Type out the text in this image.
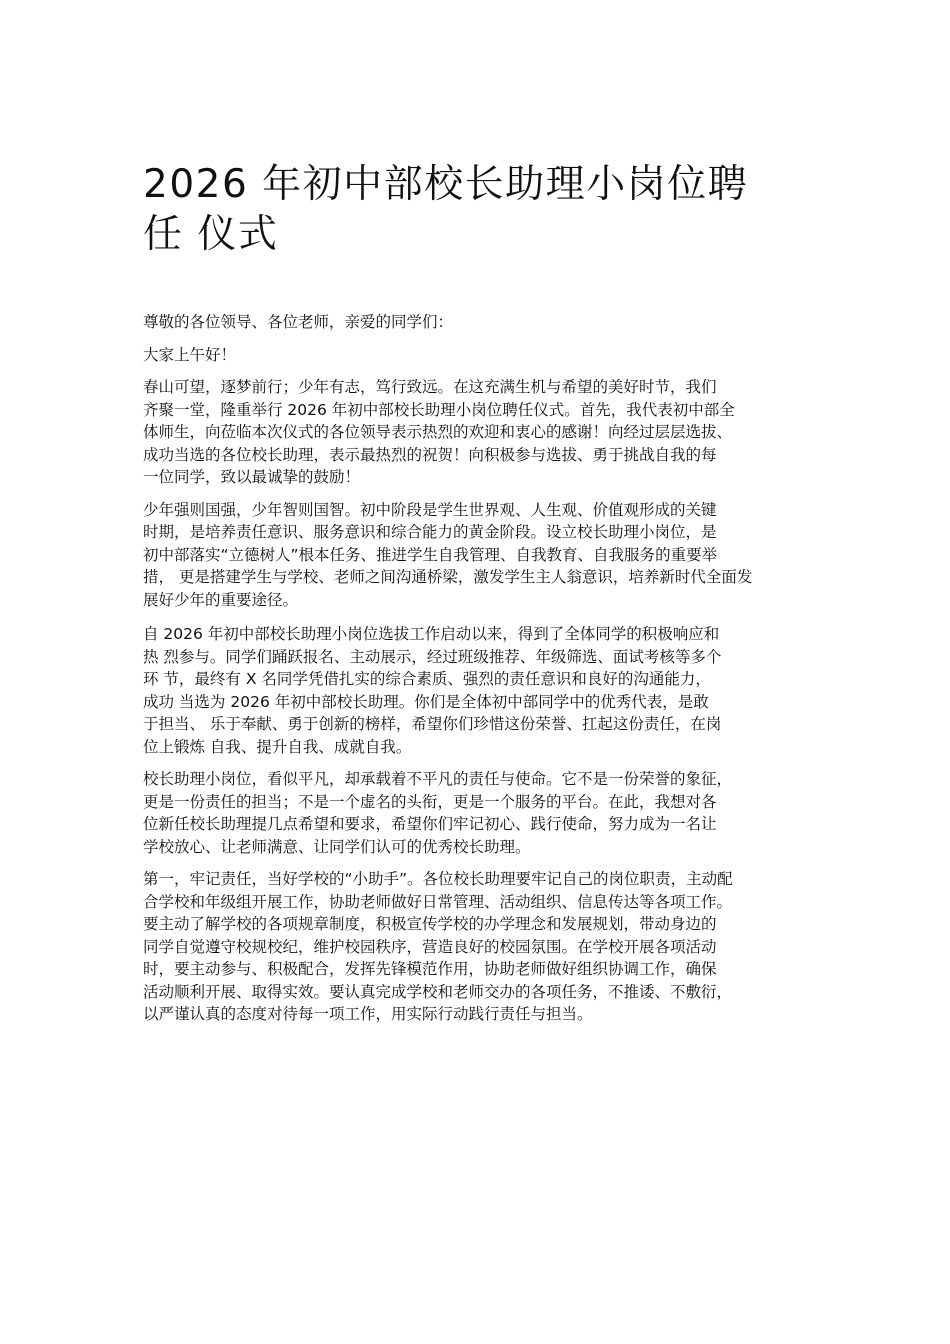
2026 年初中部校长助理小岗位聘
任 仪式

尊敬的各位领导、各位老师，亲爱的同学们：

大家上午好！

春山可望，逐梦前行；少年有志，笃行致远。在这充满生机与希望的美好时节，我们
齐聚一堂，隆重举行 2026 年初中部校长助理小岗位聘任仪式。首先，我代表初中部全
体师生，向莅临本次仪式的各位领导表示热烈的欢迎和衷心的感谢！向经过层层选拔、
成功当选的各位校长助理，表示最热烈的祝贺！向积极参与选拔、勇于挑战自我的每
一位同学，致以最诚挚的鼓励！

少年强则国强，少年智则国智。初中阶段是学生世界观、人生观、价值观形成的关键
时期，是培养责任意识、服务意识和综合能力的黄金阶段。设立校长助理小岗位，是
初中部落实“立德树人”根本任务、推进学生自我管理、自我教育、自我服务的重要举
措， 更是搭建学生与学校、老师之间沟通桥梁，激发学生主人翁意识，培养新时代全面发
展好少年的重要途径。

自 2026 年初中部校长助理小岗位选拔工作启动以来，得到了全体同学的积极响应和
热 烈参与。同学们踊跃报名、主动展示，经过班级推荐、年级筛选、面试考核等多个
环 节，最终有 X 名同学凭借扎实的综合素质、强烈的责任意识和良好的沟通能力，
成功 当选为 2026 年初中部校长助理。你们是全体初中部同学中的优秀代表，是敢
于担当、 乐于奉献、勇于创新的榜样，希望你们珍惜这份荣誉、扛起这份责任，在岗
位上锻炼 自我、提升自我、成就自我。

校长助理小岗位，看似平凡，却承载着不平凡的责任与使命。它不是一份荣誉的象征，
更是一份责任的担当；不是一个虚名的头衔，更是一个服务的平台。在此，我想对各
位新任校长助理提几点希望和要求，希望你们牢记初心、践行使命，努力成为一名让
学校放心、让老师满意、让同学们认可的优秀校长助理。

第一，牢记责任，当好学校的“小助手”。各位校长助理要牢记自己的岗位职责，主动配
合学校和年级组开展工作，协助老师做好日常管理、活动组织、信息传达等各项工作。
要主动了解学校的各项规章制度，积极宣传学校的办学理念和发展规划，带动身边的
同学自觉遵守校规校纪，维护校园秩序，营造良好的校园氛围。在学校开展各项活动
时，要主动参与、积极配合，发挥先锋模范作用，协助老师做好组织协调工作，确保
活动顺利开展、取得实效。要认真完成学校和老师交办的各项任务，不推诿、不敷衍，
以严谨认真的态度对待每一项工作，用实际行动践行责任与担当。
